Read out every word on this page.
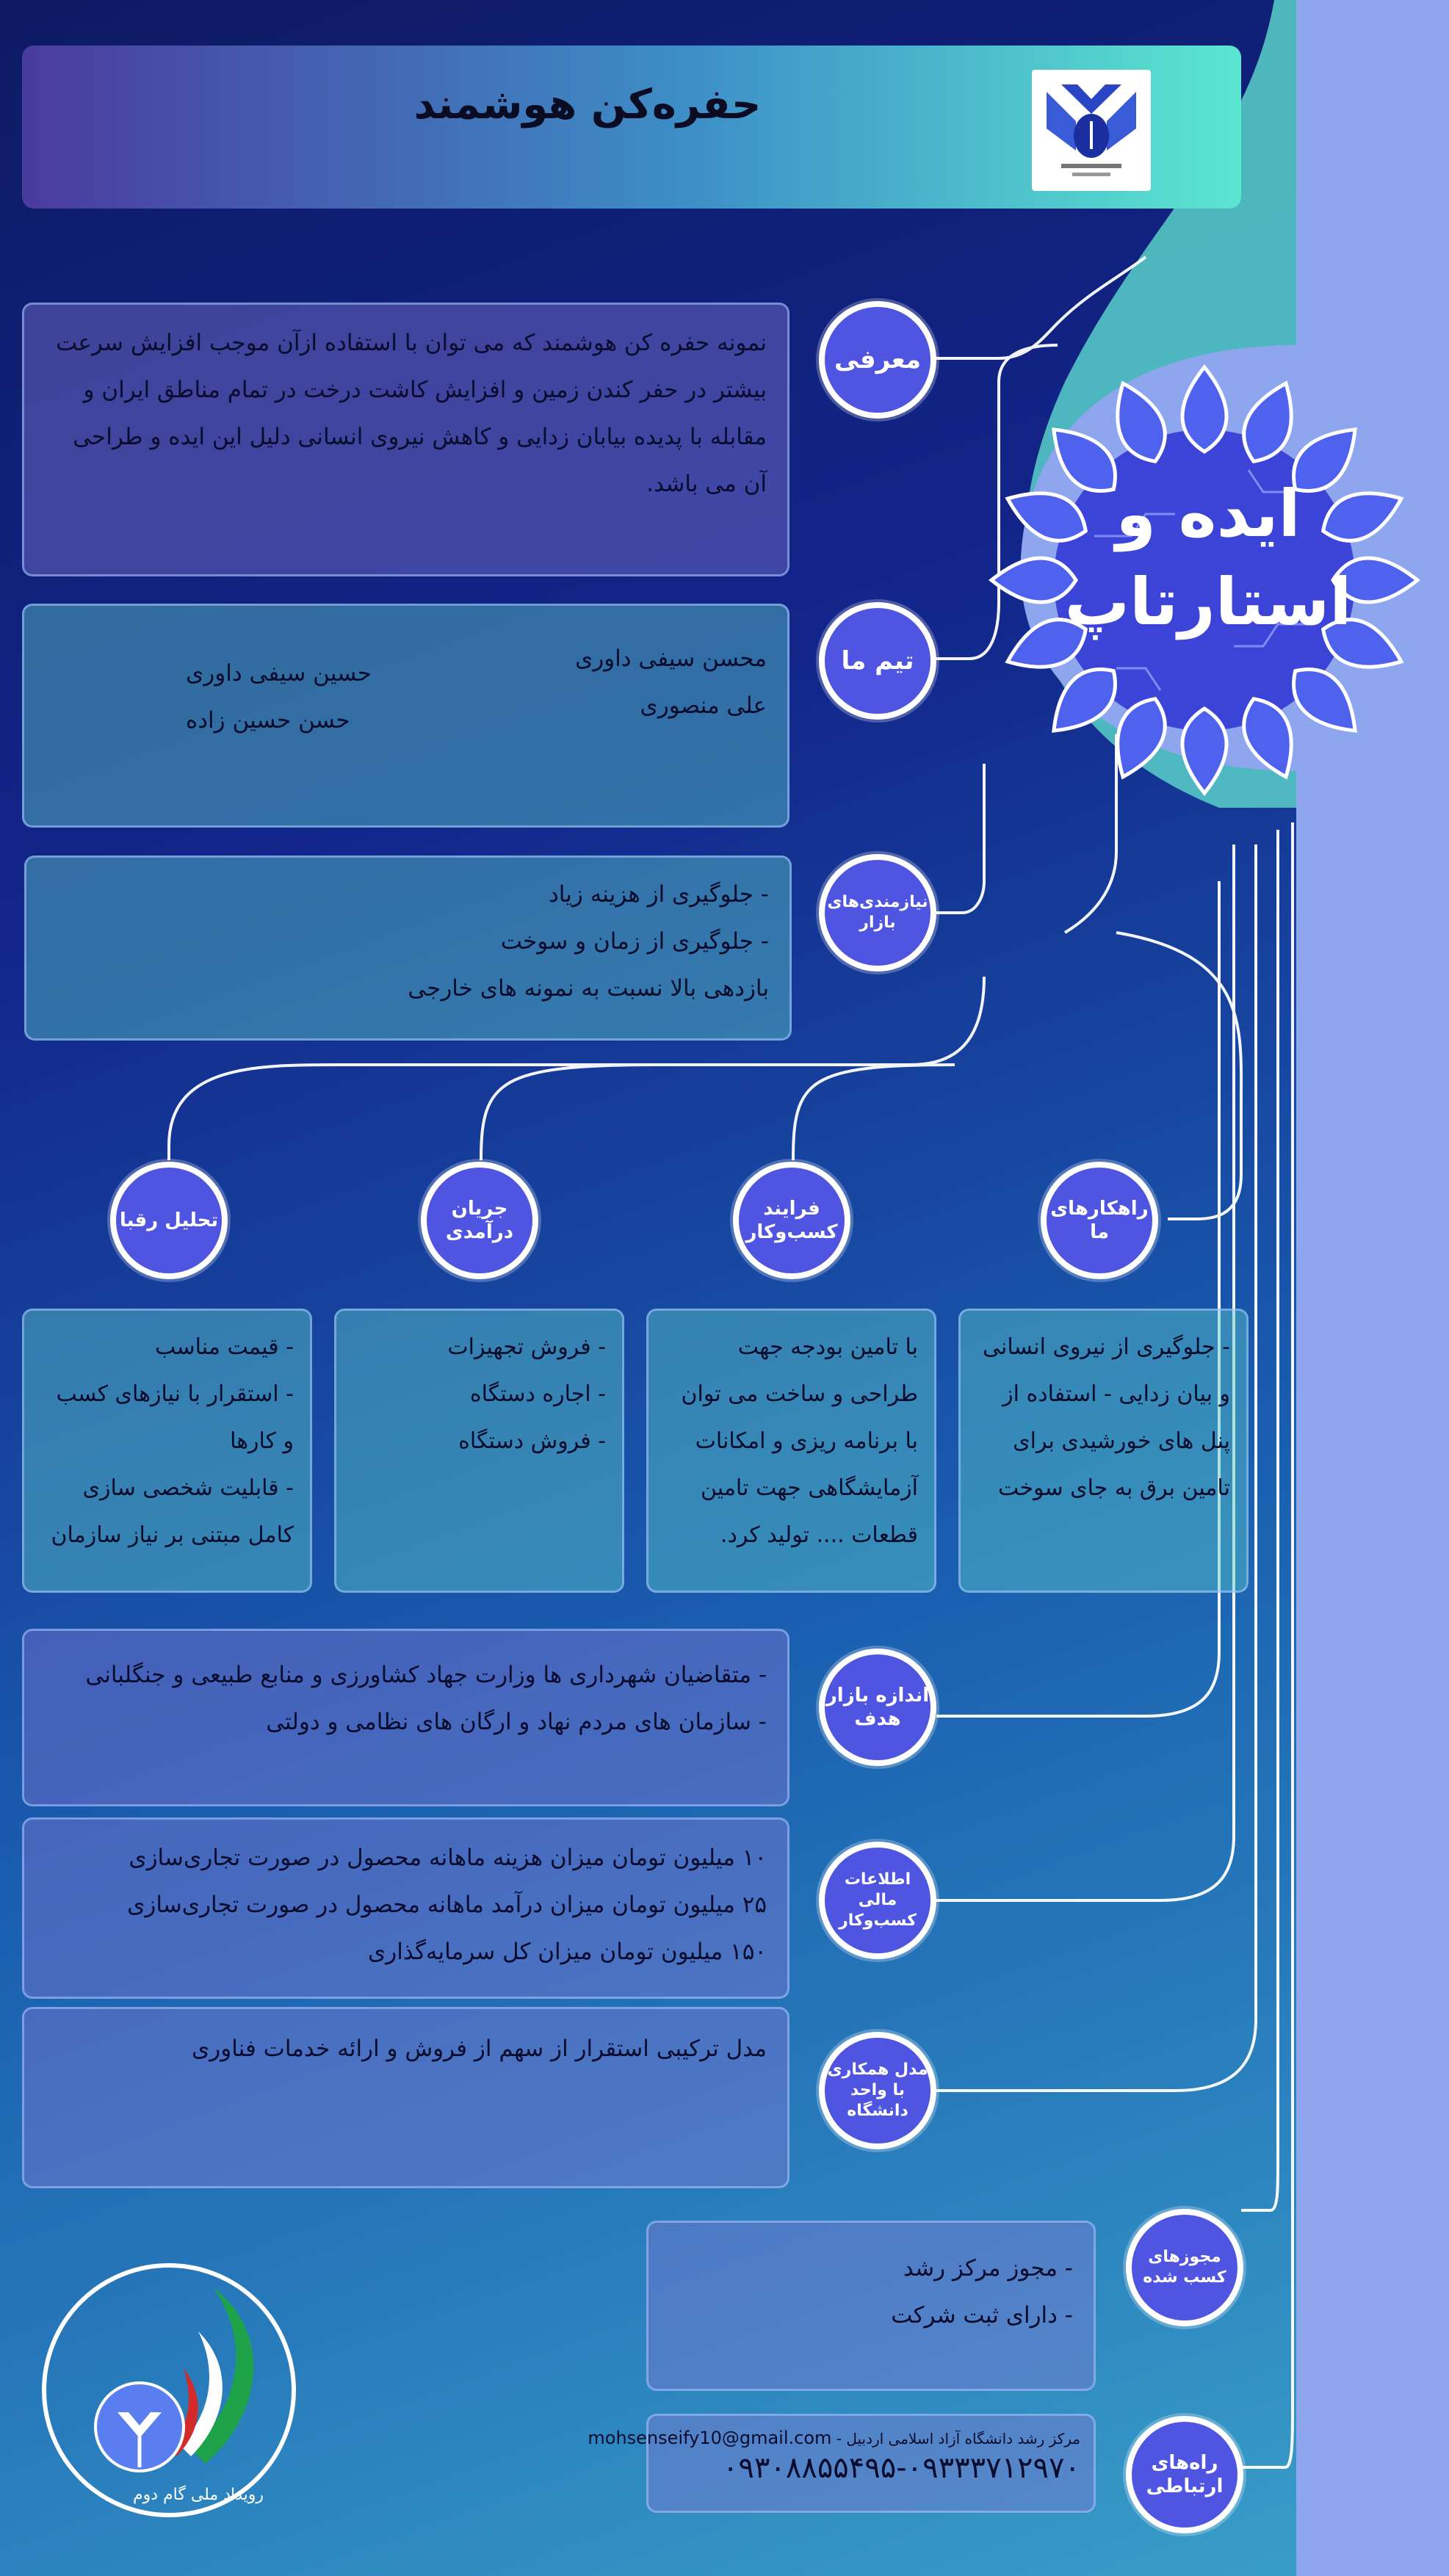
حفره‌کن هوشمند
ایده و
استارتاپ
معرفی
نمونه حفره کن هوشمند که می توان با استفاده ازآن موجب افزایش سرعت بیشتر در حفر کندن زمین و افزایش کاشت درخت در تمام مناطق ایران و مقابله با پدیده بیابان زدایی و کاهش نیروی انسانی دلیل این ایده و طراحی آن می باشد.
تیم ما
محسن سیفی داوری
حسین سیفی داوری
علی منصوری
حسن حسین زاده
نیازمندی‌های بازار
- جلوگیری از هزینه زیاد
- جلوگیری از زمان و سوخت
بازدهی بالا نسبت به نمونه های خارجی
راهکارهای ما
فرایند کسب‌وکار
جریان درآمدی
تحلیل رقبا
- جلوگیری از نیروی انسانی و بیان زدایی - استفاده از پنل های خورشیدی برای تامین برق به جای سوخت
با تامین بودجه جهت طراحی و ساخت می توان با برنامه ریزی و امکانات آزمایشگاهی جهت تامین قطعات .... تولید کرد.
- فروش تجهیزات
- اجاره دستگاه
- فروش دستگاه
- قیمت مناسب
- استقرار با نیازهای کسب و کارها
- قابلیت شخصی سازی کامل مبتنی بر نیاز سازمان
اندازه بازار هدف
- متقاضیان شهرداری ها وزارت جهاد کشاورزی و منابع طبیعی و جنگلبانی
- سازمان های مردم نهاد و ارگان های نظامی و دولتی
اطلاعات مالی کسب‌وکار
۱۰ میلیون تومان میزان هزینه ماهانه محصول در صورت تجاری‌سازی
۲۵ میلیون تومان میزان درآمد ماهانه محصول در صورت تجاری‌سازی
۱۵۰ میلیون تومان میزان کل سرمایه‌گذاری
مدل همکاری با واحد دانشگاه
مدل ترکیبی استقرار از سهم از فروش و ارائه خدمات فناوری
مجوزهای کسب شده
- مجوز مرکز رشد
- دارای ثبت شرکت
راه‌های ارتباطی
مرکز رشد دانشگاه آزاد اسلامی اردبیل - mohsenseify10@gmail.com
۰۹۳۰۸۸۵۵۴۹۵-۰۹۳۳۳۷۱۲۹۷۰
رویداد ملی گام دوم
